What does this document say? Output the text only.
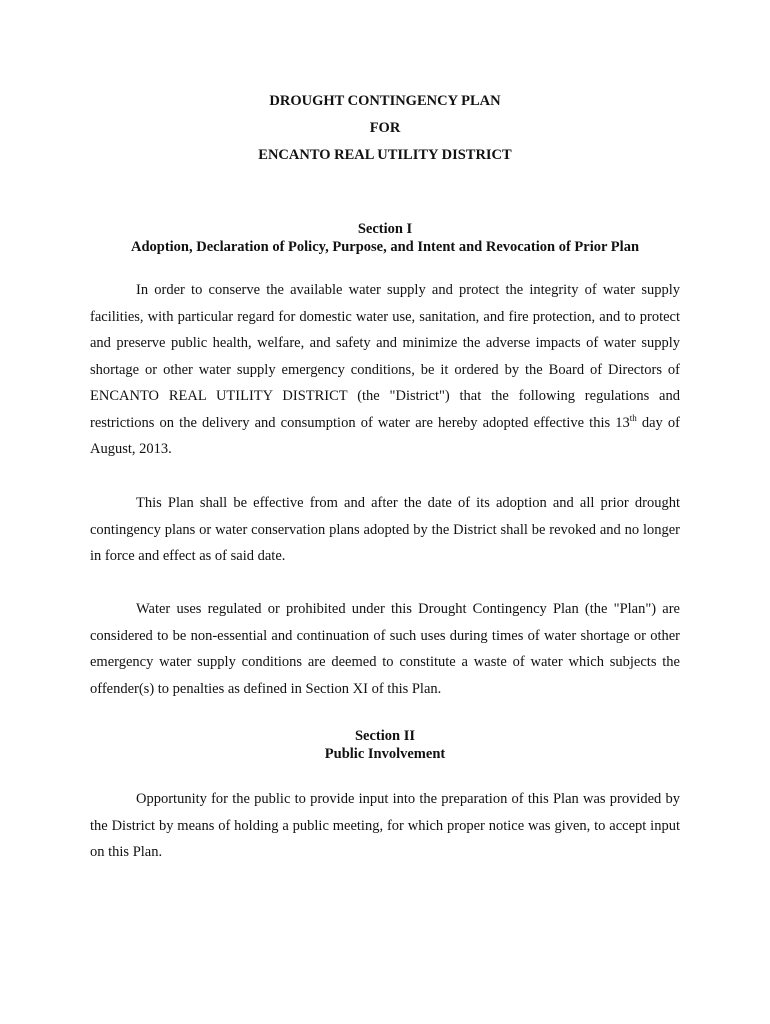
DROUGHT CONTINGENCY PLAN
FOR
ENCANTO REAL UTILITY DISTRICT
Section I
Adoption, Declaration of Policy, Purpose, and Intent and Revocation of Prior Plan

In order to conserve the available water supply and protect the integrity of water supply facilities, with particular regard for domestic water use, sanitation, and fire protection, and to protect and preserve public health, welfare, and safety and minimize the adverse impacts of water supply shortage or other water supply emergency conditions, be it ordered by the Board of Directors of ENCANTO REAL UTILITY DISTRICT (the "District") that the following regulations and restrictions on the delivery and consumption of water are hereby adopted effective this 13th day of August, 2013.

This Plan shall be effective from and after the date of its adoption and all prior drought contingency plans or water conservation plans adopted by the District shall be revoked and no longer in force and effect as of said date.

Water uses regulated or prohibited under this Drought Contingency Plan (the "Plan") are considered to be non-essential and continuation of such uses during times of water shortage or other emergency water supply conditions are deemed to constitute a waste of water which subjects the offender(s) to penalties as defined in Section XI of this Plan.

Section II
Public Involvement

Opportunity for the public to provide input into the preparation of this Plan was provided by the District by means of holding a public meeting, for which proper notice was given, to accept input on this Plan.
